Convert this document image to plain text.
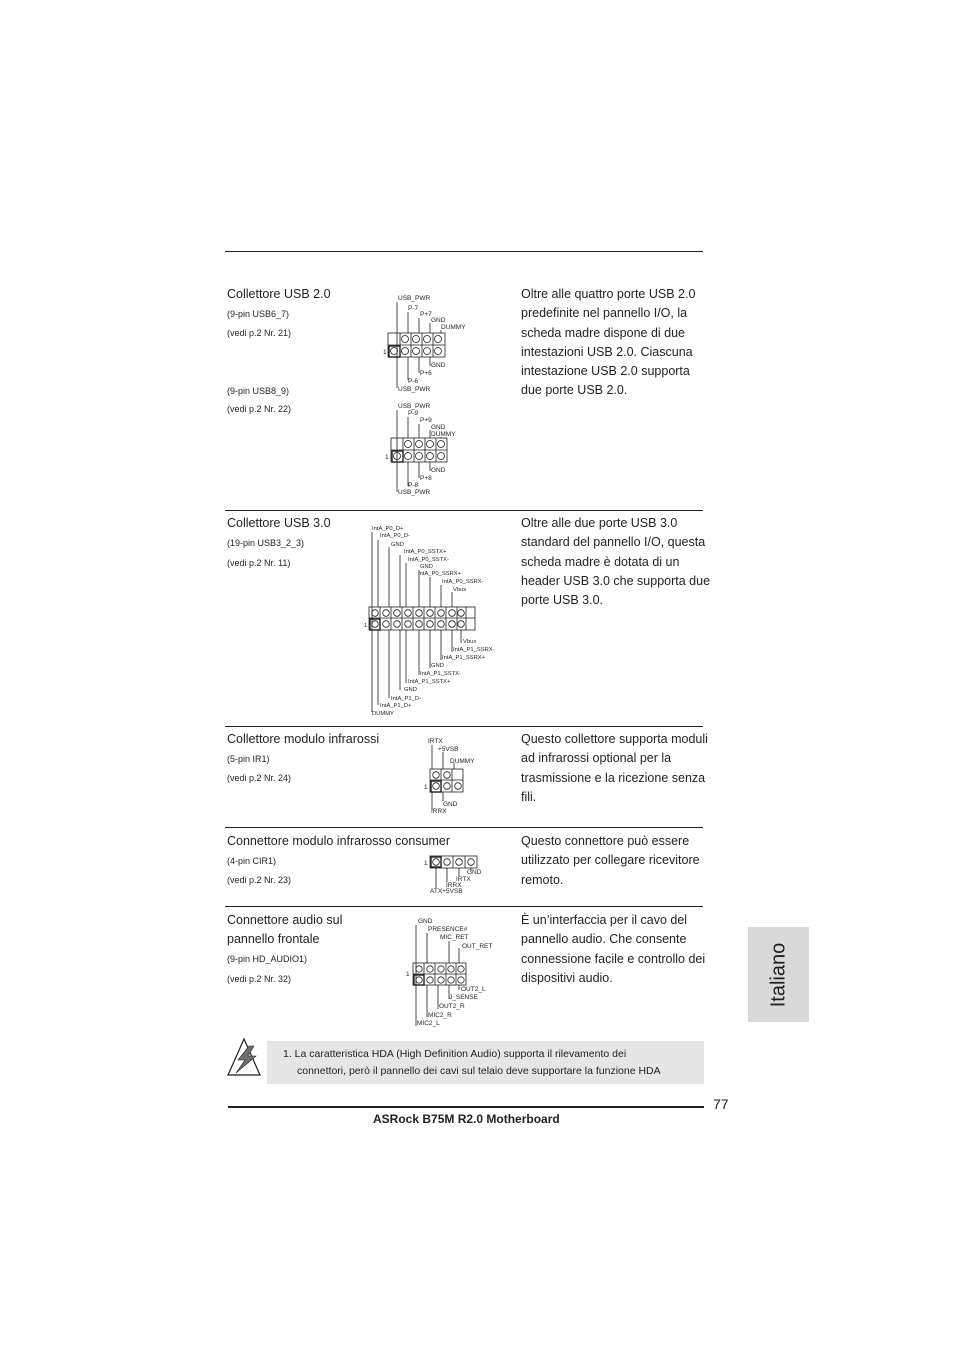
Collettore USB 2.0
(9-pin USB6_7)
(vedi p.2 Nr. 21)
(9-pin USB8_9)
(vedi p.2 Nr. 22)
Oltre alle quattro porte USB 2.0 predefinite nel pannello I/O, la scheda madre dispone di due intestazioni USB 2.0. Ciascuna intestazione USB 2.0 supporta due porte USB 2.0.
Collettore USB 3.0
(19-pin USB3_2_3)
(vedi p.2 Nr. 11)
Oltre alle due porte USB 3.0 standard del pannello I/O, questa scheda madre è dotata di un header USB 3.0 che supporta due porte USB 3.0.
Collettore modulo infrarossi
(5-pin IR1)
(vedi p.2 Nr. 24)
Questo collettore supporta moduli ad infrarossi optional per la trasmissione e la ricezione senza fili.
Connettore modulo infrarosso consumer
(4-pin CIR1)
(vedi p.2 Nr. 23)
Questo connettore può essere utilizzato per collegare ricevitore remoto.
Connettore audio sul
pannello frontale
(9-pin HD_AUDIO1)
(vedi p.2 Nr. 32)
È un’interfaccia per il cavo del pannello audio. Che consente connessione facile e controllo dei dispositivi audio.
USB_PWR
P-7
P+7
GND
DUMMY
1
GND
P+6
P-6
USB_PWR
USB_PWR
P-9
P+9
GND
DUMMY
1
GND
P+8
P-8
USB_PWR
IntA_P0_D+
IntA_P0_D-
GND
IntA_P0_SSTX+
IntA_P0_SSTX-
GND
IntA_P0_SSRX+
IntA_P0_SSRX-
Vbus
1
Vbus
IntA_P1_SSRX-
IntA_P1_SSRX+
GND
IntA_P1_SSTX-
IntA_P1_SSTX+
GND
IntA_P1_D-
IntA_P1_D+
DUMMY
IRTX
+5VSB
DUMMY
1
GND
IRRX
1
GND
IRTX
IRRX
ATX+5VSB
GND
PRESENCE#
MIC_RET
OUT_RET
1
OUT2_L
J_SENSE
OUT2_R
MIC2_R
MIC2_L
1. La caratteristica HDA (High Definition Audio) supporta il rilevamento dei
connettori, però il pannello dei cavi sul telaio deve supportare la funzione HDA
Italiano
ASRock B75M R2.0 Motherboard
77
